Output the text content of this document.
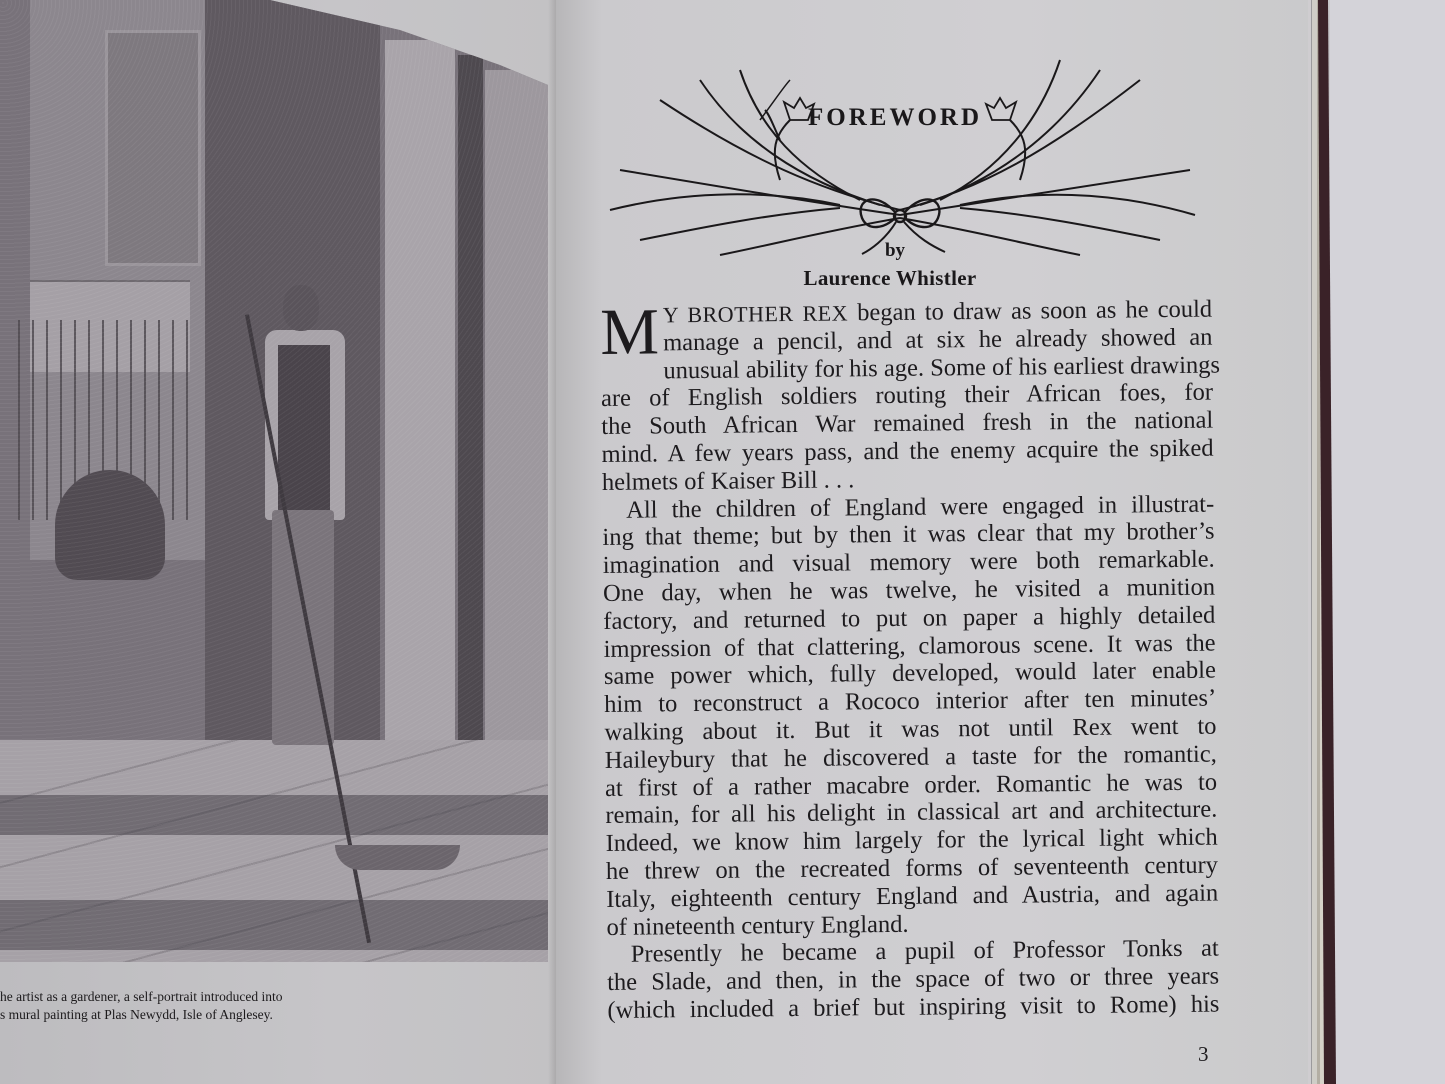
he artist as a gardener, a self-portrait introduced into
s mural painting at Plas Newydd, Isle of Anglesey.
FOREWORD
by
Laurence Whistler

M Y BROTHER REX began to draw as soon as he could
manage a pencil, and at six he already showed an
unusual ability for his age. Some of his earliest drawings
are of English soldiers routing their African foes, for
the South African War remained fresh in the national
mind. A few years pass, and the enemy acquire the spiked
helmets of Kaiser Bill . . .

All the children of England were engaged in illustrat-
ing that theme; but by then it was clear that my brother’s
imagination and visual memory were both remarkable.
One day, when he was twelve, he visited a munition
factory, and returned to put on paper a highly detailed
impression of that clattering, clamorous scene. It was the
same power which, fully developed, would later enable
him to reconstruct a Rococo interior after ten minutes’
walking about it. But it was not until Rex went to
Haileybury that he discovered a taste for the romantic,
at first of a rather macabre order. Romantic he was to
remain, for all his delight in classical art and architecture.
Indeed, we know him largely for the lyrical light which
he threw on the recreated forms of seventeenth century
Italy, eighteenth century England and Austria, and again
of nineteenth century England.

Presently he became a pupil of Professor Tonks at
the Slade, and then, in the space of two or three years
(which included a brief but inspiring visit to Rome) his

3
